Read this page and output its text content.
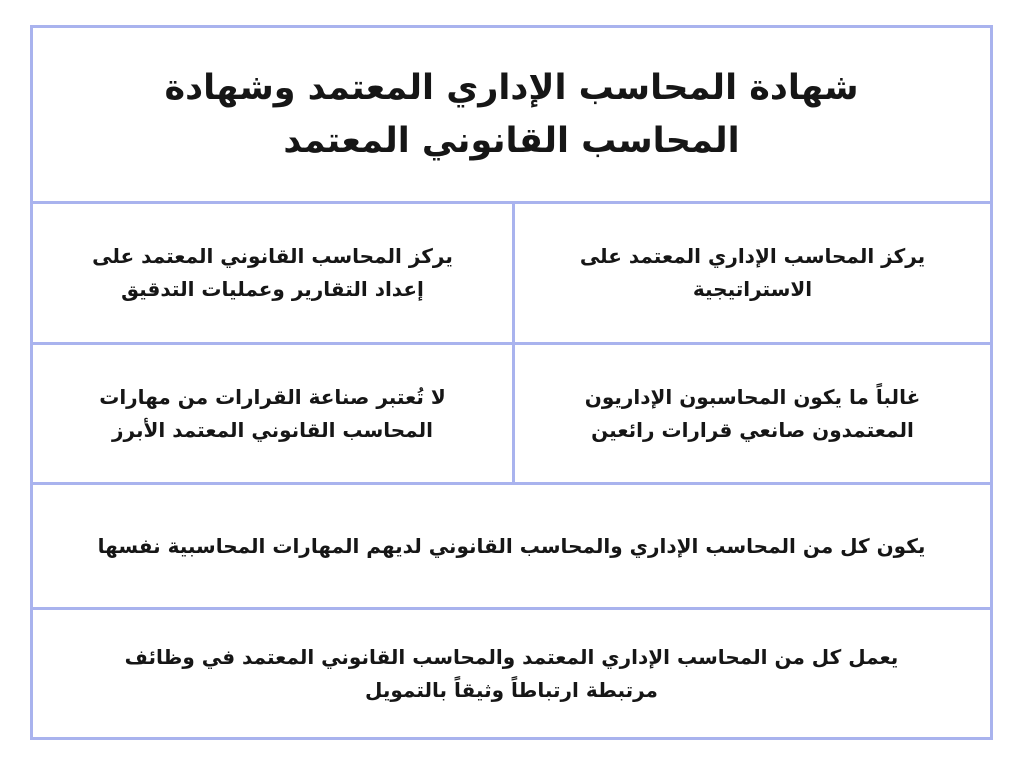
شهادة المحاسب الإداري المعتمد وشهادة المحاسب القانوني المعتمد
يركز المحاسب الإداري المعتمد على الاستراتيجية
يركز المحاسب القانوني المعتمد على إعداد التقارير وعمليات التدقيق
غالباً ما يكون المحاسبون الإداريون المعتمدون صانعي قرارات رائعين
لا تُعتبر صناعة القرارات من مهارات المحاسب القانوني المعتمد الأبرز
يكون كل من المحاسب الإداري والمحاسب القانوني لديهم المهارات المحاسبية نفسها
يعمل كل من المحاسب الإداري المعتمد والمحاسب القانوني المعتمد في وظائف مرتبطة ارتباطاً وثيقاً بالتمويل
